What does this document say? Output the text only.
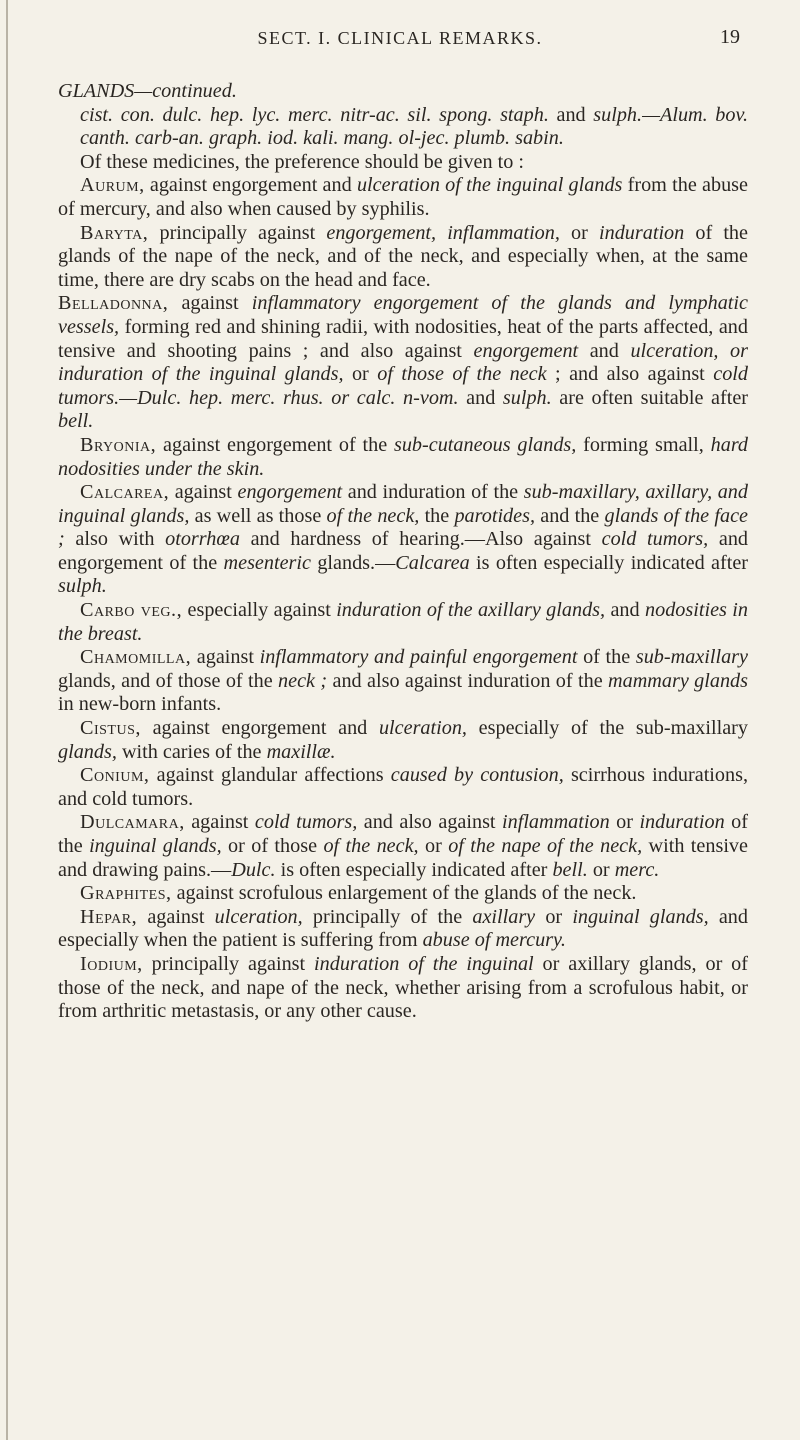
SECT. I. CLINICAL REMARKS.	19

GLANDS—continued.

cist. con. dulc. hep. lyc. merc. nitr-ac. sil. spong. staph. and sulph.—Alum. bov. canth. carb-an. graph. iod. kali. mang. ol-jec. plumb. sabin.

Of these medicines, the preference should be given to :

Aurum, against engorgement and ulceration of the inguinal glands from the abuse of mercury, and also when caused by syphilis.

Baryta, principally against engorgement, inflammation, or induration of the glands of the nape of the neck, and of the neck, and especially when, at the same time, there are dry scabs on the head and face.

Belladonna, against inflammatory engorgement of the glands and lymphatic vessels, forming red and shining radii, with nodosities, heat of the parts affected, and tensive and shooting pains ; and also against engorgement and ulceration, or induration of the inguinal glands, or of those of the neck ; and also against cold tumors.—Dulc. hep. merc. rhus. or calc. n-vom. and sulph. are often suitable after bell.

Bryonia, against engorgement of the sub-cutaneous glands, forming small, hard nodosities under the skin.

Calcarea, against engorgement and induration of the sub-maxillary, axillary, and inguinal glands, as well as those of the neck, the parotides, and the glands of the face ; also with otorrhœa and hardness of hearing.—Also against cold tumors, and engorgement of the mesenteric glands.—Calcarea is often especially indicated after sulph.

Carbo veg., especially against induration of the axillary glands, and nodosities in the breast.

Chamomilla, against inflammatory and painful engorgement of the sub-maxillary glands, and of those of the neck ; and also against induration of the mammary glands in new-born infants.

Cistus, against engorgement and ulceration, especially of the sub-maxillary glands, with caries of the maxillæ.

Conium, against glandular affections caused by contusion, scirrhous indurations, and cold tumors.

Dulcamara, against cold tumors, and also against inflammation or induration of the inguinal glands, or of those of the neck, or of the nape of the neck, with tensive and drawing pains.—Dulc. is often especially indicated after bell. or merc.

Graphites, against scrofulous enlargement of the glands of the neck.

Hepar, against ulceration, principally of the axillary or inguinal glands, and especially when the patient is suffering from abuse of mercury.

Iodium, principally against induration of the inguinal or axillary glands, or of those of the neck, and nape of the neck, whether arising from a scrofulous habit, or from arthritic metastasis, or any other cause.
